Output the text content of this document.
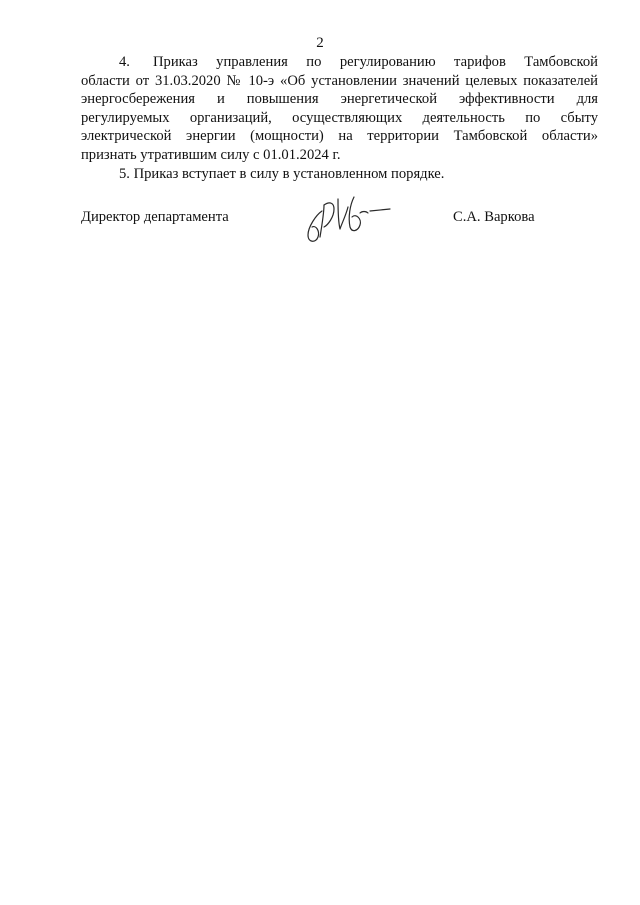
2
4. Приказ управления по регулированию тарифов Тамбовской
области от 31.03.2020 № 10-э «Об установлении значений целевых показателей
энергосбережения и повышения энергетической эффективности для
регулируемых организаций, осуществляющих деятельность по сбыту
электрической энергии (мощности) на территории Тамбовской области»
признать утратившим силу с 01.01.2024 г.
5. Приказ вступает в силу в установленном порядке.
Директор департамента	С.А. Варкова
